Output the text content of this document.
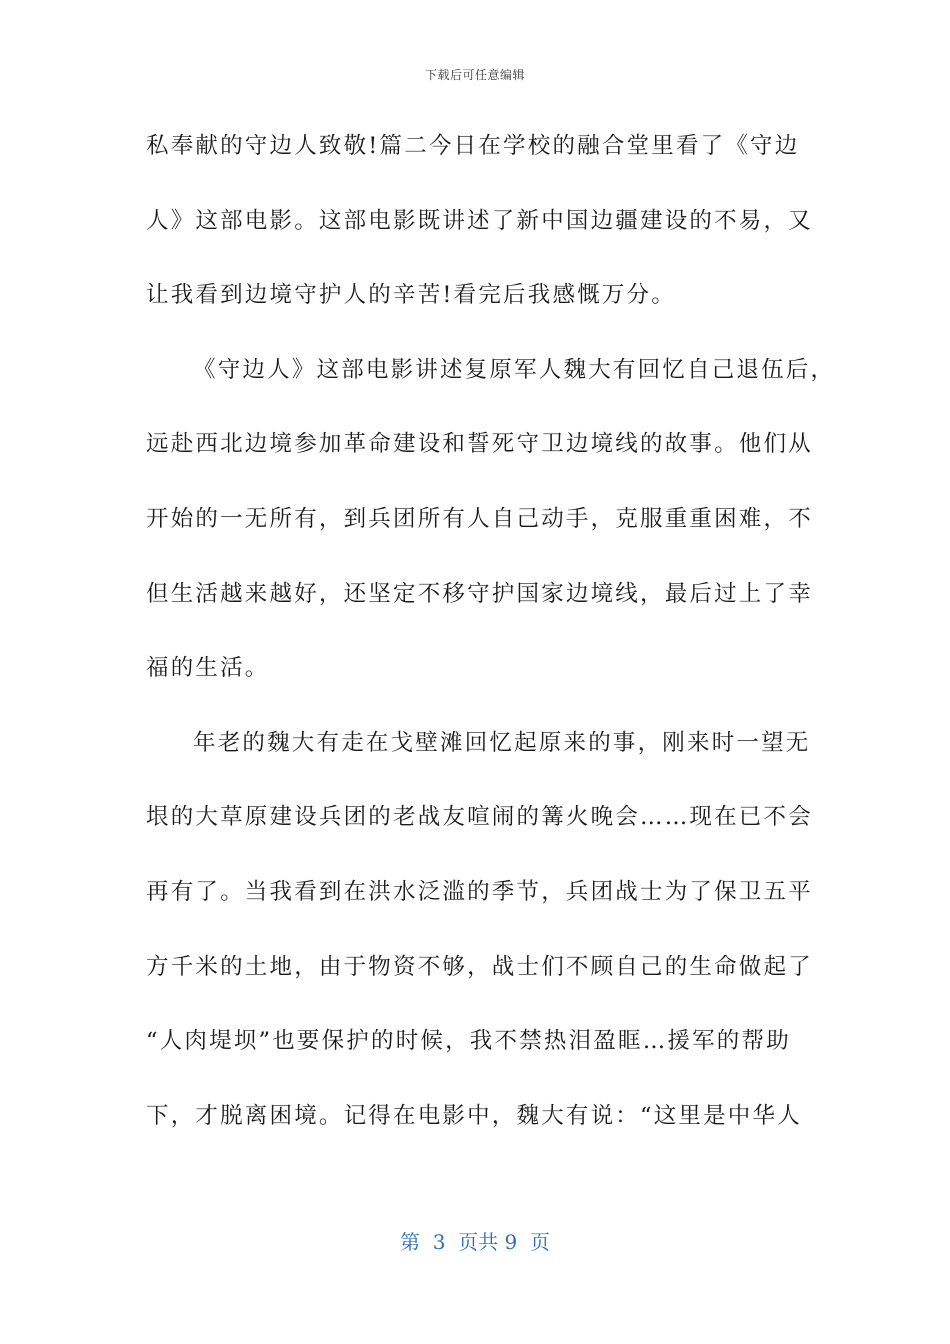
下载后可任意编辑
私奉献的守边人致敬!篇二今日在学校的融合堂里看了《守边
人》这部电影。这部电影既讲述了新中国边疆建设的不易，又
让我看到边境守护人的辛苦!看完后我感慨万分。
《守边人》这部电影讲述复原军人魏大有回忆自己退伍后，
远赴西北边境参加革命建设和誓死守卫边境线的故事。他们从
开始的一无所有，到兵团所有人自己动手，克服重重困难，不
但生活越来越好，还坚定不移守护国家边境线，最后过上了幸
福的生活。
年老的魏大有走在戈壁滩回忆起原来的事，刚来时一望无
垠的大草原建设兵团的老战友喧闹的篝火晚会……现在已不会
再有了。当我看到在洪水泛滥的季节，兵团战士为了保卫五平
方千米的土地，由于物资不够，战士们不顾自己的生命做起了
“人肉堤坝”也要保护的时候，我不禁热泪盈眶…援军的帮助
下，才脱离困境。记得在电影中，魏大有说：“这里是中华人
第  3  页共 9  页
